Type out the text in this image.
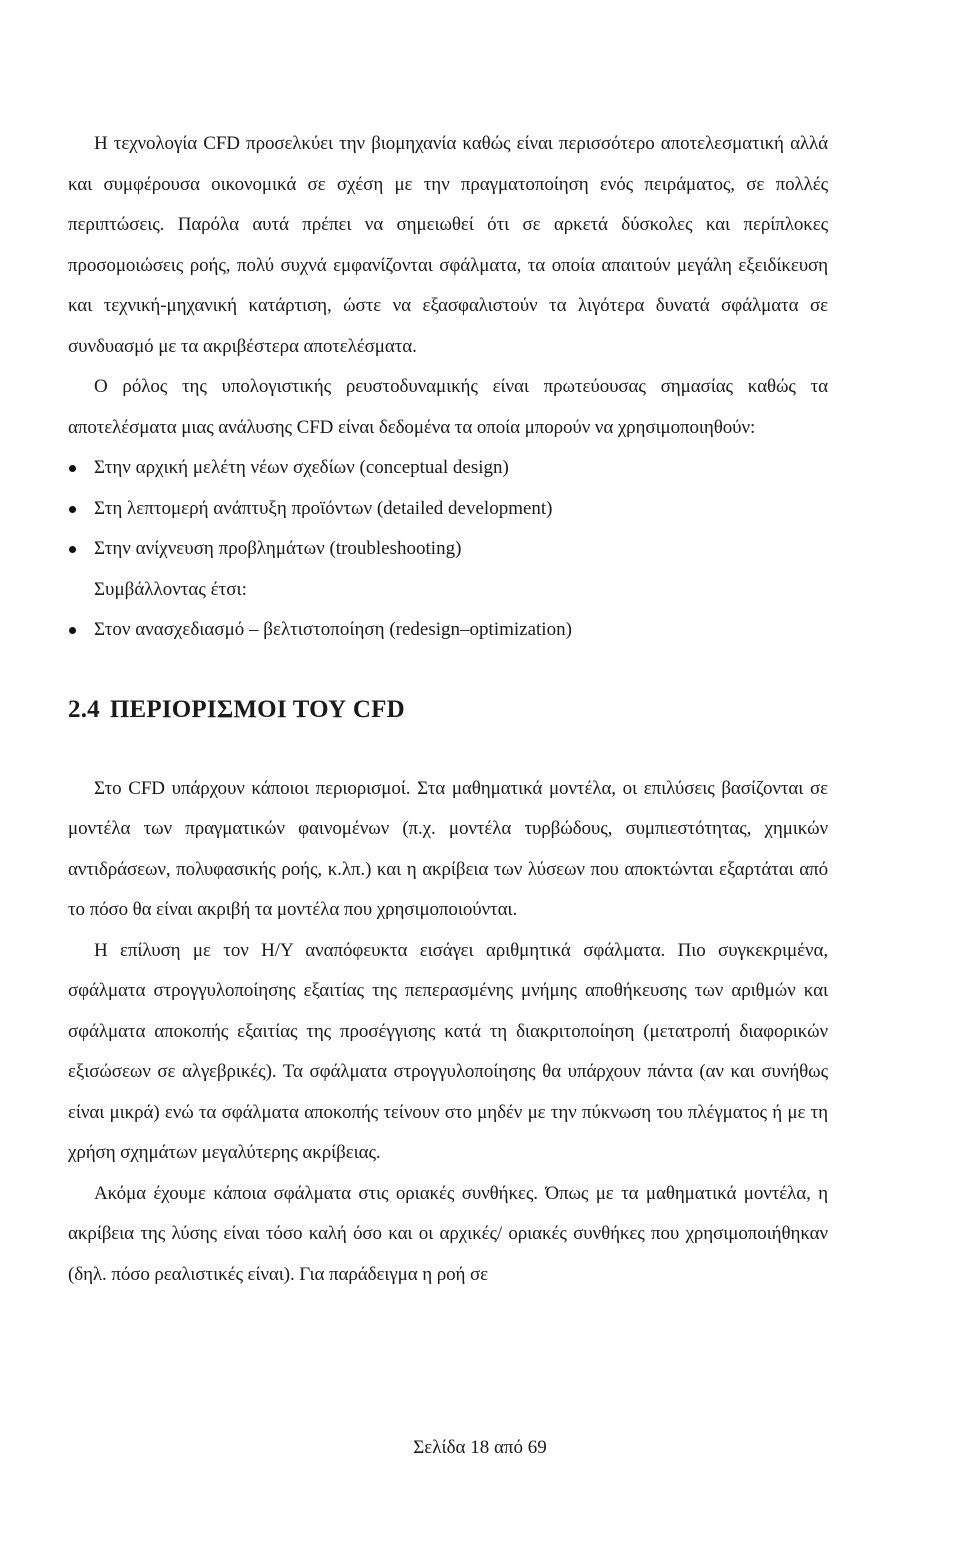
Η τεχνολογία CFD προσελκύει την βιομηχανία καθώς είναι περισσότερο αποτελεσματική αλλά και συμφέρουσα οικονομικά σε σχέση με την πραγματοποίηση ενός πειράματος, σε πολλές περιπτώσεις. Παρόλα αυτά πρέπει να σημειωθεί ότι σε αρκετά δύσκολες και περίπλοκες προσομοιώσεις ροής, πολύ συχνά εμφανίζονται σφάλματα, τα οποία απαιτούν μεγάλη εξειδίκευση και τεχνική-μηχανική κατάρτιση, ώστε να εξασφαλιστούν τα λιγότερα δυνατά σφάλματα σε συνδυασμό με τα ακριβέστερα αποτελέσματα.

Ο ρόλος της υπολογιστικής ρευστοδυναμικής είναι πρωτεύουσας σημασίας καθώς τα αποτελέσματα μιας ανάλυσης CFD είναι δεδομένα τα οποία μπορούν να χρησιμοποιηθούν:

Στην αρχική μελέτη νέων σχεδίων (conceptual design)
Στη λεπτομερή ανάπτυξη προϊόντων (detailed development)
Στην ανίχνευση προβλημάτων (troubleshooting)

Συμβάλλοντας έτσι:

Στον ανασχεδιασμό – βελτιστοποίηση (redesign–optimization)
2.4 ΠΕΡΙΟΡΙΣΜΟΙ ΤΟΥ CFD

Στο CFD υπάρχουν κάποιοι περιορισμοί. Στα μαθηματικά μοντέλα, οι επιλύσεις βασίζονται σε μοντέλα των πραγματικών φαινομένων (π.χ. μοντέλα τυρβώδους, συμπιεστότητας, χημικών αντιδράσεων, πολυφασικής ροής, κ.λπ.) και η ακρίβεια των λύσεων που αποκτώνται εξαρτάται από το πόσο θα είναι ακριβή τα μοντέλα που χρησιμοποιούνται.

Η επίλυση με τον Η/Υ αναπόφευκτα εισάγει αριθμητικά σφάλματα. Πιο συγκεκριμένα, σφάλματα στρογγυλοποίησης εξαιτίας της πεπερασμένης μνήμης αποθήκευσης των αριθμών και σφάλματα αποκοπής εξαιτίας της προσέγγισης κατά τη διακριτοποίηση (μετατροπή διαφορικών εξισώσεων σε αλγεβρικές). Τα σφάλματα στρογγυλοποίησης θα υπάρχουν πάντα (αν και συνήθως είναι μικρά) ενώ τα σφάλματα αποκοπής τείνουν στο μηδέν με την πύκνωση του πλέγματος ή με τη χρήση σχημάτων μεγαλύτερης ακρίβειας.

Ακόμα έχουμε κάποια σφάλματα στις οριακές συνθήκες. Όπως με τα μαθηματικά μοντέλα, η ακρίβεια της λύσης είναι τόσο καλή όσο και οι αρχικές/ οριακές συνθήκες που χρησιμοποιήθηκαν (δηλ. πόσο ρεαλιστικές είναι). Για παράδειγμα η ροή σε

Σελίδα 18 από 69
